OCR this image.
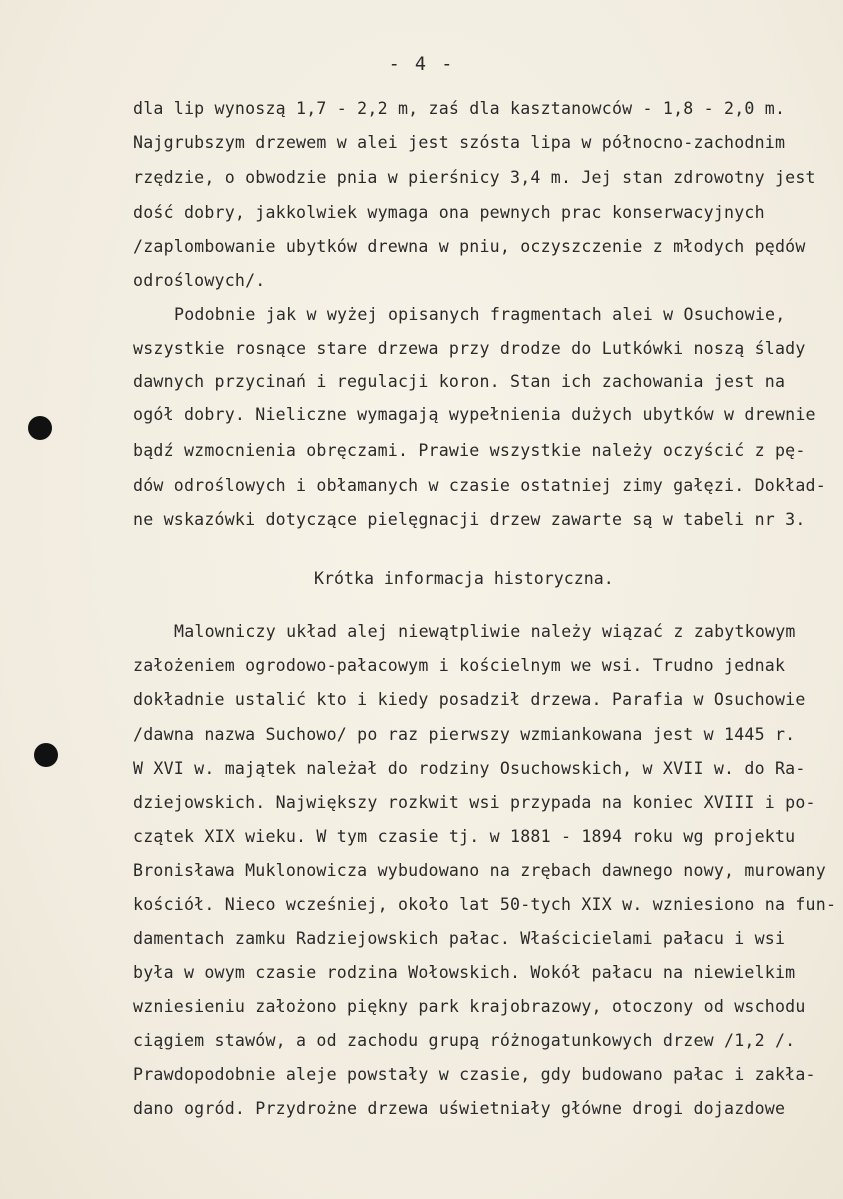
- 4 -
dla lip wynoszą 1,7 - 2,2 m, zaś dla kasztanowców - 1,8 - 2,0 m.
Najgrubszym drzewem w alei jest szósta lipa w północno-zachodnim
rzędzie, o obwodzie pnia w pierśnicy 3,4 m. Jej stan zdrowotny jest
dość dobry, jakkolwiek wymaga ona pewnych prac konserwacyjnych
/zaplombowanie ubytków drewna w pniu, oczyszczenie z młodych pędów
odroślowych/.
Podobnie jak w wyżej opisanych fragmentach alei w Osuchowie,
wszystkie rosnące stare drzewa przy drodze do Lutkówki noszą ślady
dawnych przycinań i regulacji koron. Stan ich zachowania jest na
ogół dobry. Nieliczne wymagają wypełnienia dużych ubytków w drewnie
bądź wzmocnienia obręczami. Prawie wszystkie należy oczyścić z pę-
dów odroślowych i obłamanych w czasie ostatniej zimy gałęzi. Dokład-
ne wskazówki dotyczące pielęgnacji drzew zawarte są w tabeli nr 3.
Krótka informacja historyczna.
Malowniczy układ alej niewątpliwie należy wiązać z zabytkowym
założeniem ogrodowo-pałacowym i kościelnym we wsi. Trudno jednak
dokładnie ustalić kto i kiedy posadził drzewa. Parafia w Osuchowie
/dawna nazwa Suchowo/ po raz pierwszy wzmiankowana jest w 1445 r.
W XVI w. majątek należał do rodziny Osuchowskich, w XVII w. do Ra-
dziejowskich. Największy rozkwit wsi przypada na koniec XVIII i po-
czątek XIX wieku. W tym czasie tj. w 1881 - 1894 roku wg projektu
Bronisława Muklonowicza wybudowano na zrębach dawnego nowy, murowany
kościół. Nieco wcześniej, około lat 50-tych XIX w. wzniesiono na fun-
damentach zamku Radziejowskich pałac. Właścicielami pałacu i wsi
była w owym czasie rodzina Wołowskich. Wokół pałacu na niewielkim
wzniesieniu założono piękny park krajobrazowy, otoczony od wschodu
ciągiem stawów, a od zachodu grupą różnogatunkowych drzew /1,2 /.
Prawdopodobnie aleje powstały w czasie, gdy budowano pałac i zakła-
dano ogród. Przydrożne drzewa uświetniały główne drogi dojazdowe
